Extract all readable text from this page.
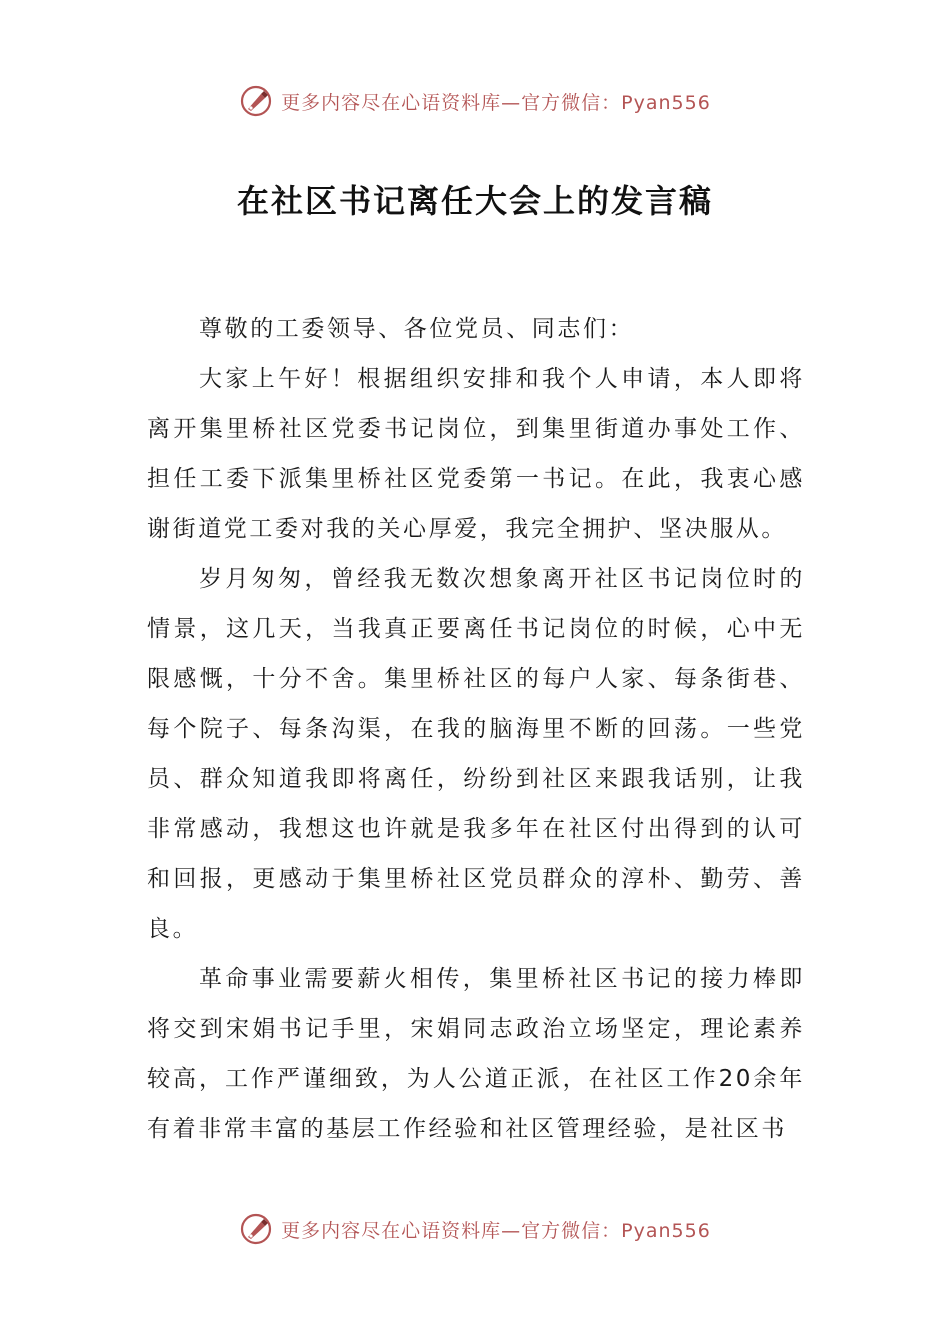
更多内容尽在心语资料库—官方微信：Pyan556
在社区书记离任大会上的发言稿

尊敬的工委领导、各位党员、同志们：

大家上午好！根据组织安排和我个人申请，本人即将离开集里桥社区党委书记岗位，到集里街道办事处工作、担任工委下派集里桥社区党委第一书记。在此，我衷心感谢街道党工委对我的关心厚爱，我完全拥护、坚决服从。

岁月匆匆，曾经我无数次想象离开社区书记岗位时的情景，这几天，当我真正要离任书记岗位的时候，心中无限感慨，十分不舍。集里桥社区的每户人家、每条街巷、每个院子、每条沟渠，在我的脑海里不断的回荡。一些党员、群众知道我即将离任，纷纷到社区来跟我话别，让我非常感动，我想这也许就是我多年在社区付出得到的认可和回报，更感动于集里桥社区党员群众的淳朴、勤劳、善良。

革命事业需要薪火相传，集里桥社区书记的接力棒即将交到宋娟书记手里，宋娟同志政治立场坚定，理论素养较高，工作严谨细致，为人公道正派，在社区工作20余年有着非常丰富的基层工作经验和社区管理经验，是社区书

更多内容尽在心语资料库—官方微信：Pyan556
